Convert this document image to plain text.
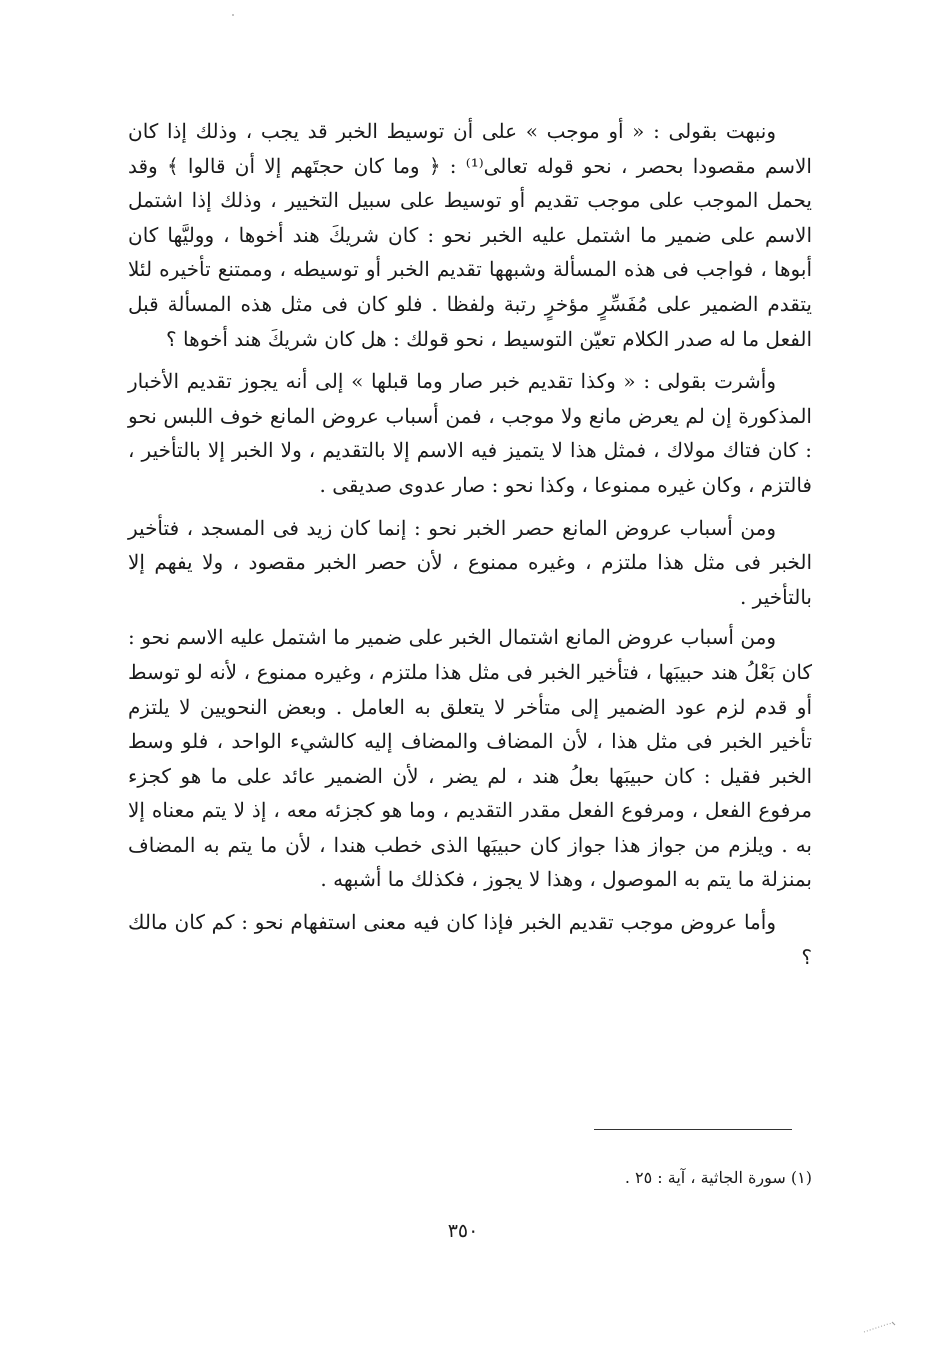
ونبهت بقولى : « أو موجب » على أن توسيط الخبر قد يجب ، وذلك إذا كان الاسم مقصودا بحصر ، نحو قوله تعالى⁽¹⁾ : ﴿ وما كان حجتَهم إلا أن قالوا ﴾ وقد يحمل الموجب على موجب تقديم أو توسيط على سبيل التخيير ، وذلك إذا اشتمل الاسم على ضمير ما اشتمل عليه الخبر نحو : كان شريكَ هند أخوها ، ووليَّها كان أبوها ، فواجب فى هذه المسألة وشبهها تقديم الخبر أو توسيطه ، وممتنع تأخيره لئلا يتقدم الضمير على مُفَسِّرٍ مؤخرٍ رتبة ولفظا . فلو كان فى مثل هذه المسألة قبل الفعل ما له صدر الكلام تعيّن التوسيط ، نحو قولك : هل كان شريكَ هند أخوها ؟

وأشرت بقولى : « وكذا تقديم خبر صار وما قبلها » إلى أنه يجوز تقديم الأخبار المذكورة إن لم يعرض مانع ولا موجب ، فمن أسباب عروض المانع خوف اللبس نحو : كان فتاك مولاك ، فمثل هذا لا يتميز فيه الاسم إلا بالتقديم ، ولا الخبر إلا بالتأخير ، فالتزم ، وكان غيره ممنوعا ، وكذا نحو : صار عدوى صديقى .

ومن أسباب عروض المانع حصر الخبر نحو : إنما كان زيد فى المسجد ، فتأخير الخبر فى مثل هذا ملتزم ، وغيره ممنوع ، لأن حصر الخبر مقصود ، ولا يفهم إلا بالتأخير .

ومن أسباب عروض المانع اشتمال الخبر على ضمير ما اشتمل عليه الاسم نحو : كان بَعْلُ هند حبيبَها ، فتأخير الخبر فى مثل هذا ملتزم ، وغيره ممنوع ، لأنه لو توسط أو قدم لزم عود الضمير إلى متأخر لا يتعلق به العامل . وبعض النحويين لا يلتزم تأخير الخبر فى مثل هذا ، لأن المضاف والمضاف إليه كالشيء الواحد ، فلو وسط الخبر فقيل : كان حبيبَها بعلُ هند ، لم يضر ، لأن الضمير عائد على ما هو كجزء مرفوع الفعل ، ومرفوع الفعل مقدر التقديم ، وما هو كجزئه معه ، إذ لا يتم معناه إلا به . ويلزم من جواز هذا جواز كان حبيبَها الذى خطب هندا ، لأن ما يتم به المضاف بمنزلة ما يتم به الموصول ، وهذا لا يجوز ، فكذلك ما أشبهه .

وأما عروض موجب تقديم الخبر فإذا كان فيه معنى استفهام نحو : كم كان مالك ؟

(١) سورة الجاثية ، آية : ٢٥ .
٣٥٠
